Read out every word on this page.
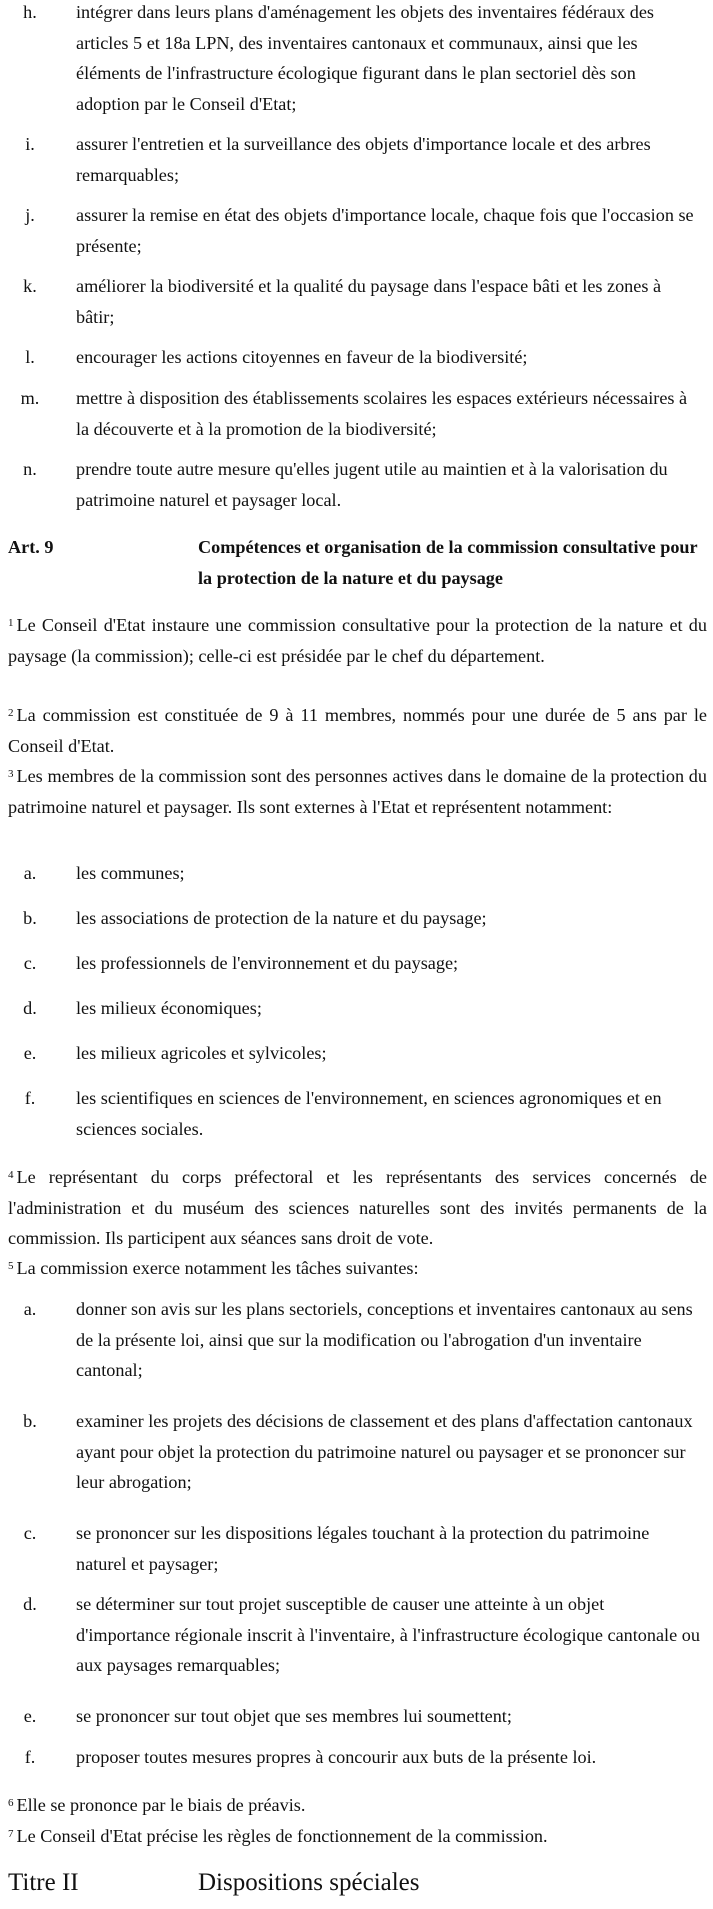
h.	intégrer dans leurs plans d'aménagement les objets des inventaires fédéraux des articles 5 et 18a LPN, des inventaires cantonaux et communaux, ainsi que les éléments de l'infrastructure écologique figurant dans le plan sectoriel dès son adoption par le Conseil d'Etat;
i.	assurer l'entretien et la surveillance des objets d'importance locale et des arbres remarquables;
j.	assurer la remise en état des objets d'importance locale, chaque fois que l'occasion se présente;
k.	améliorer la biodiversité et la qualité du paysage dans l'espace bâti et les zones à bâtir;
l.	encourager les actions citoyennes en faveur de la biodiversité;
m.	mettre à disposition des établissements scolaires les espaces extérieurs nécessaires à la découverte et à la promotion de la biodiversité;
n.	prendre toute autre mesure qu'elles jugent utile au maintien et à la valorisation du patrimoine naturel et paysager local.
Art. 9	Compétences et organisation de la commission consultative pour la protection de la nature et du paysage
$^1$ Le Conseil d'Etat instaure une commission consultative pour la protection de la nature et du paysage (la commission); celle-ci est présidée par le chef du département.
$^2$ La commission est constituée de 9 à 11 membres, nommés pour une durée de 5 ans par le Conseil d'Etat.
$^3$ Les membres de la commission sont des personnes actives dans le domaine de la protection du patrimoine naturel et paysager. Ils sont externes à l'Etat et représentent notamment:
a.	les communes;
b.	les associations de protection de la nature et du paysage;
c.	les professionnels de l'environnement et du paysage;
d.	les milieux économiques;
e.	les milieux agricoles et sylvicoles;
f.	les scientifiques en sciences de l'environnement, en sciences agronomiques et en sciences sociales.
$^4$ Le représentant du corps préfectoral et les représentants des services concernés de l'administration et du muséum des sciences naturelles sont des invités permanents de la commission. Ils participent aux séances sans droit de vote.
$^5$ La commission exerce notamment les tâches suivantes:
a.	donner son avis sur les plans sectoriels, conceptions et inventaires cantonaux au sens de la présente loi, ainsi que sur la modification ou l'abrogation d'un inventaire cantonal;
b.	examiner les projets des décisions de classement et des plans d'affectation cantonaux ayant pour objet la protection du patrimoine naturel ou paysager et se prononcer sur leur abrogation;
c.	se prononcer sur les dispositions légales touchant à la protection du patrimoine naturel et paysager;
d.	se déterminer sur tout projet susceptible de causer une atteinte à un objet d'importance régionale inscrit à l'inventaire, à l'infrastructure écologique cantonale ou aux paysages remarquables;
e.	se prononcer sur tout objet que ses membres lui soumettent;
f.	proposer toutes mesures propres à concourir aux buts de la présente loi.
$^6$ Elle se prononce par le biais de préavis.
$^7$ Le Conseil d'Etat précise les règles de fonctionnement de la commission.
Titre II	Dispositions spéciales
